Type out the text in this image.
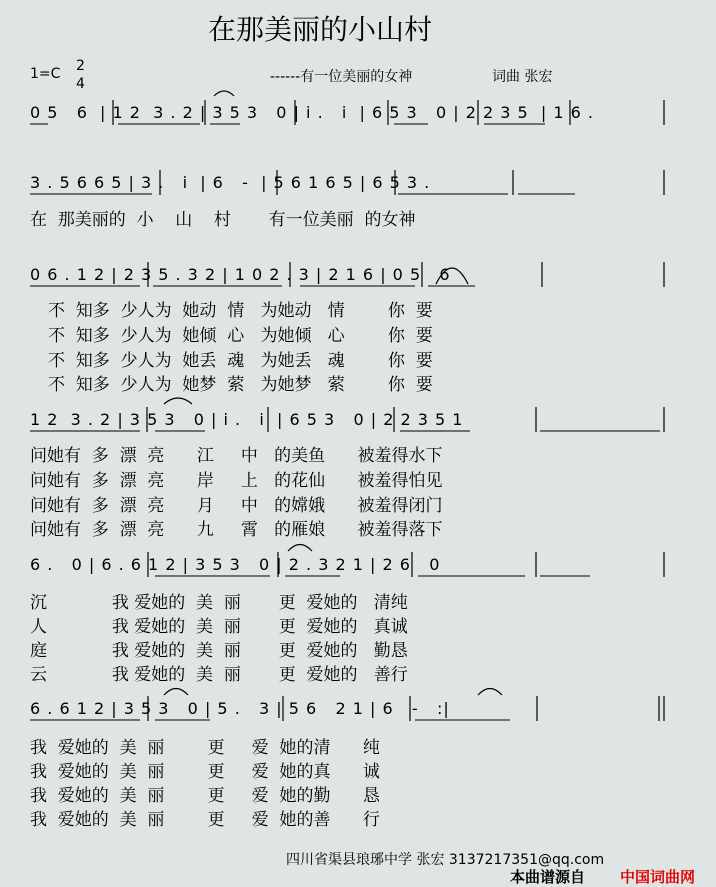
在那美丽的小山村
1=C 2
4	------有一位美丽的女神	词曲 张宏
0 5   6  | 1 2  3 . 2 | 3 5 3   0 | i .   i  | 6 5 3   0 | 2 2 3 5  | 1 6 .
3 . 5 6 6 5 | 3 .   i  | 6   -  | 5 6 1 6 5 | 6 5 3 .
在  那美丽的  小    山    村       有一位美丽  的女神
0 6 . 1 2 | 2 3 5 . 3 2 | 1 0 2 . 3 | 2 1 6 | 0 5   6
不  知多  少人为  她动  情   为她动   情        你  要
不  知多  少人为  她倾  心   为她倾   心        你  要
不  知多  少人为  她丢  魂   为她丢   魂        你  要
不  知多  少人为  她梦  萦   为她梦   萦        你  要
1 2  3 . 2 | 3 5 3   0 | i .   i  | 6 5 3   0 | 2 2 3 5 1
问她有  多  漂  亮      江     中   的美鱼      被羞得水下
问她有  多  漂  亮      岸     上   的花仙      被羞得怕见
问她有  多  漂  亮      月     中   的嫦娥      被羞得闭门
问她有  多  漂  亮      九     霄   的雁娘      被羞得落下
6 .   0 | 6 . 6 1 2 | 3 5 3   0 | 2 . 3 2 1 | 2 6   0
沉            我 爱她的  美  丽       更  爱她的   清纯
人            我 爱她的  美  丽       更  爱她的   真诚
庭            我 爱她的  美  丽       更  爱她的   勤恳
云            我 爱她的  美  丽       更  爱她的   善行
6 . 6 1 2 | 3 5 3   0 | 5 .   3 | 5 6   2 1 | 6   -   :|
我  爱她的  美  丽        更     爱  她的清      纯
我  爱她的  美  丽        更     爱  她的真      诚
我  爱她的  美  丽        更     爱  她的勤      恳
我  爱她的  美  丽        更     爱  她的善      行
四川省渠县琅琊中学 张宏 3137217351@qq.com
本曲谱源自 中国词曲网
